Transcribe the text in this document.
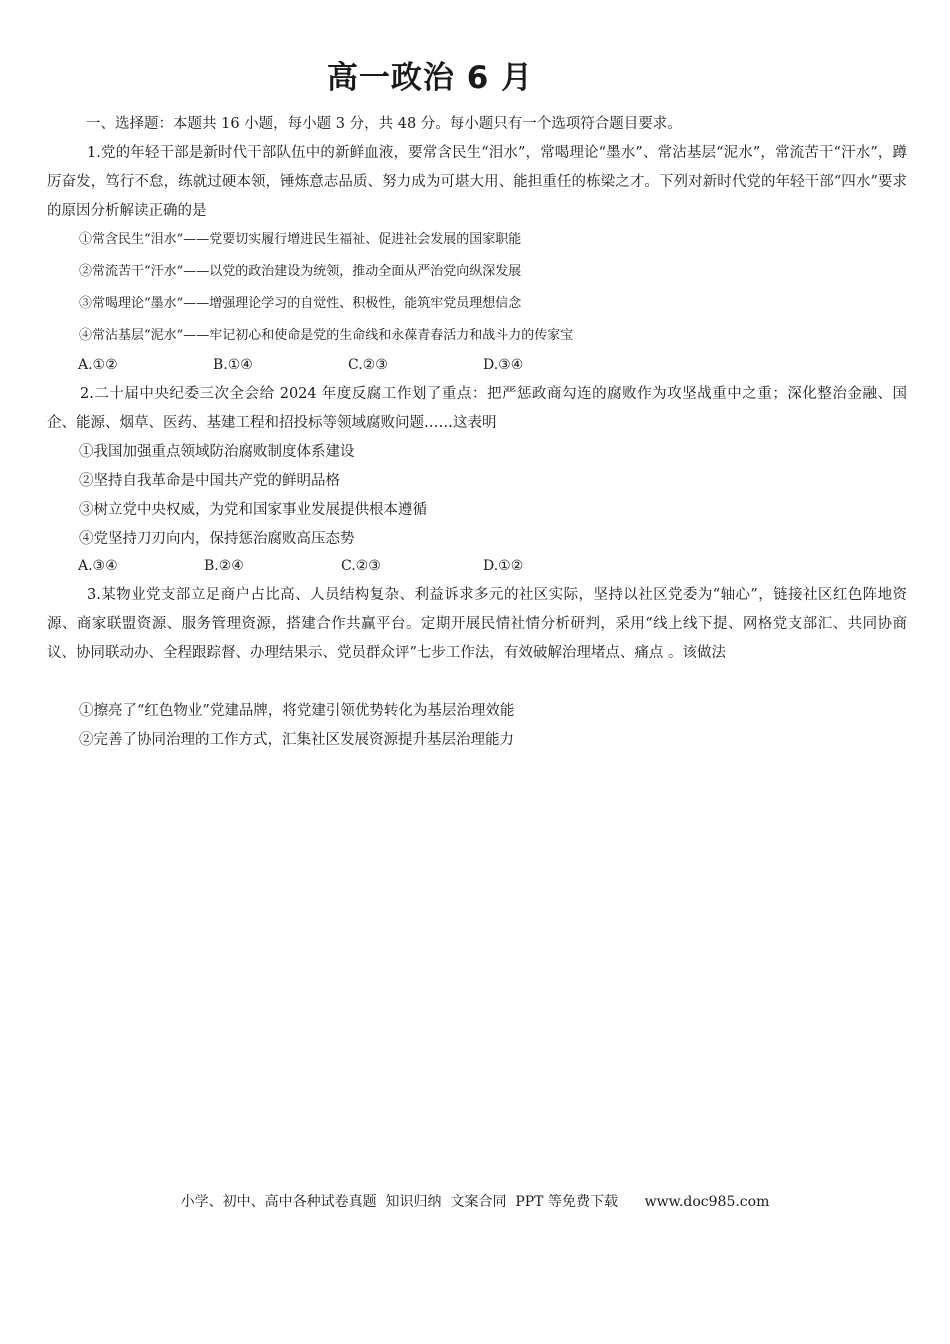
高一政治 6 月
一、选择题：本题共 16 小题，每小题 3 分，共 48 分。每小题只有一个选项符合题目要求。
1.党的年轻干部是新时代干部队伍中的新鲜血液，要常含民生“泪水”，常喝理论“墨水”、常沾基层“泥水”，常流苦干“汗水”，蹲厉奋发，笃行不怠，练就过硬本领，锤炼意志品质、努力成为可堪大用、能担重任的栋梁之才。下列对新时代党的年轻干部“四水”要求的原因分析解读正确的是
①常含民生“泪水”——党要切实履行增进民生福祉、促进社会发展的国家职能
②常流苦干“汗水”——以党的政治建设为统领，推动全面从严治党向纵深发展
③常喝理论“墨水”——增强理论学习的自觉性、积极性，能筑牢党员理想信念
④常沾基层“泥水”——牢记初心和使命是党的生命线和永葆青春活力和战斗力的传家宝
A.①②	B.①④	C.②③	D.③④
2.二十届中央纪委三次全会给 2024 年度反腐工作划了重点：把严惩政商勾连的腐败作为攻坚战重中之重；深化整治金融、国企、能源、烟草、医药、基建工程和招投标等领域腐败问题……这表明
①我国加强重点领域防治腐败制度体系建设
②坚持自我革命是中国共产党的鲜明品格
③树立党中央权威，为党和国家事业发展提供根本遵循
④党坚持刀刃向内，保持惩治腐败高压态势
A.③④	B.②④	C.②③	D.①②
3.某物业党支部立足商户占比高、人员结构复杂、利益诉求多元的社区实际，坚持以社区党委为“轴心”，链接社区红色阵地资源、商家联盟资源、服务管理资源，搭建合作共赢平台。定期开展民情社情分析研判，采用“线上线下提、网格党支部汇、共同协商议、协同联动办、全程跟踪督、办理结果示、党员群众评”七步工作法，有效破解治理堵点、痛点 。该做法
①擦亮了“红色物业”党建品牌，将党建引领优势转化为基层治理效能
②完善了协同治理的工作方式，汇集社区发展资源提升基层治理能力
小学、初中、高中各种试卷真题  知识归纳  文案合同  PPT 等免费下载      www.doc985.com
